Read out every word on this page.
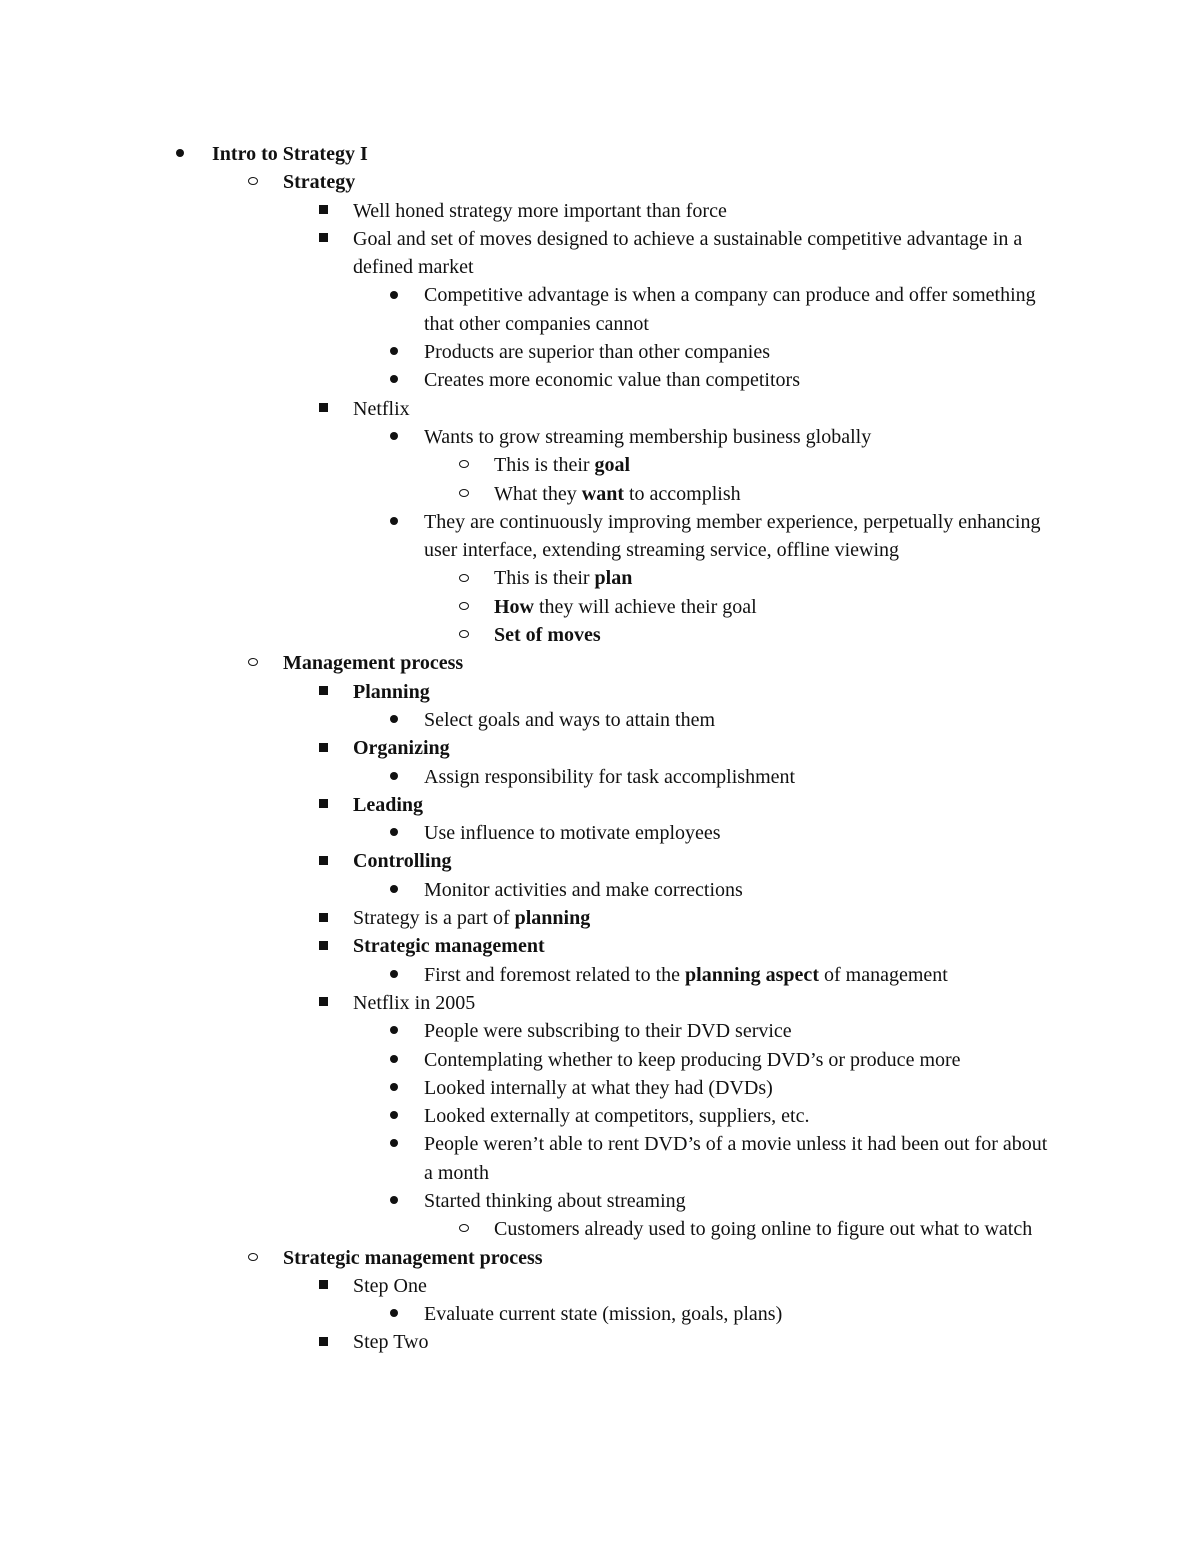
Intro to Strategy I
Strategy
Well honed strategy more important than force
Goal and set of moves designed to achieve a sustainable competitive advantage in a defined market
Competitive advantage is when a company can produce and offer something that other companies cannot
Products are superior than other companies
Creates more economic value than competitors
Netflix
Wants to grow streaming membership business globally
This is their goal
What they want to accomplish
They are continuously improving member experience, perpetually enhancing user interface, extending streaming service, offline viewing
This is their plan
How they will achieve their goal
Set of moves
Management process
Planning
Select goals and ways to attain them
Organizing
Assign responsibility for task accomplishment
Leading
Use influence to motivate employees
Controlling
Monitor activities and make corrections
Strategy is a part of planning
Strategic management
First and foremost related to the planning aspect of management
Netflix in 2005
People were subscribing to their DVD service
Contemplating whether to keep producing DVD’s or produce more
Looked internally at what they had (DVDs)
Looked externally at competitors, suppliers, etc.
People weren’t able to rent DVD’s of a movie unless it had been out for about a month
Started thinking about streaming
Customers already used to going online to figure out what to watch
Strategic management process
Step One
Evaluate current state (mission, goals, plans)
Step Two
